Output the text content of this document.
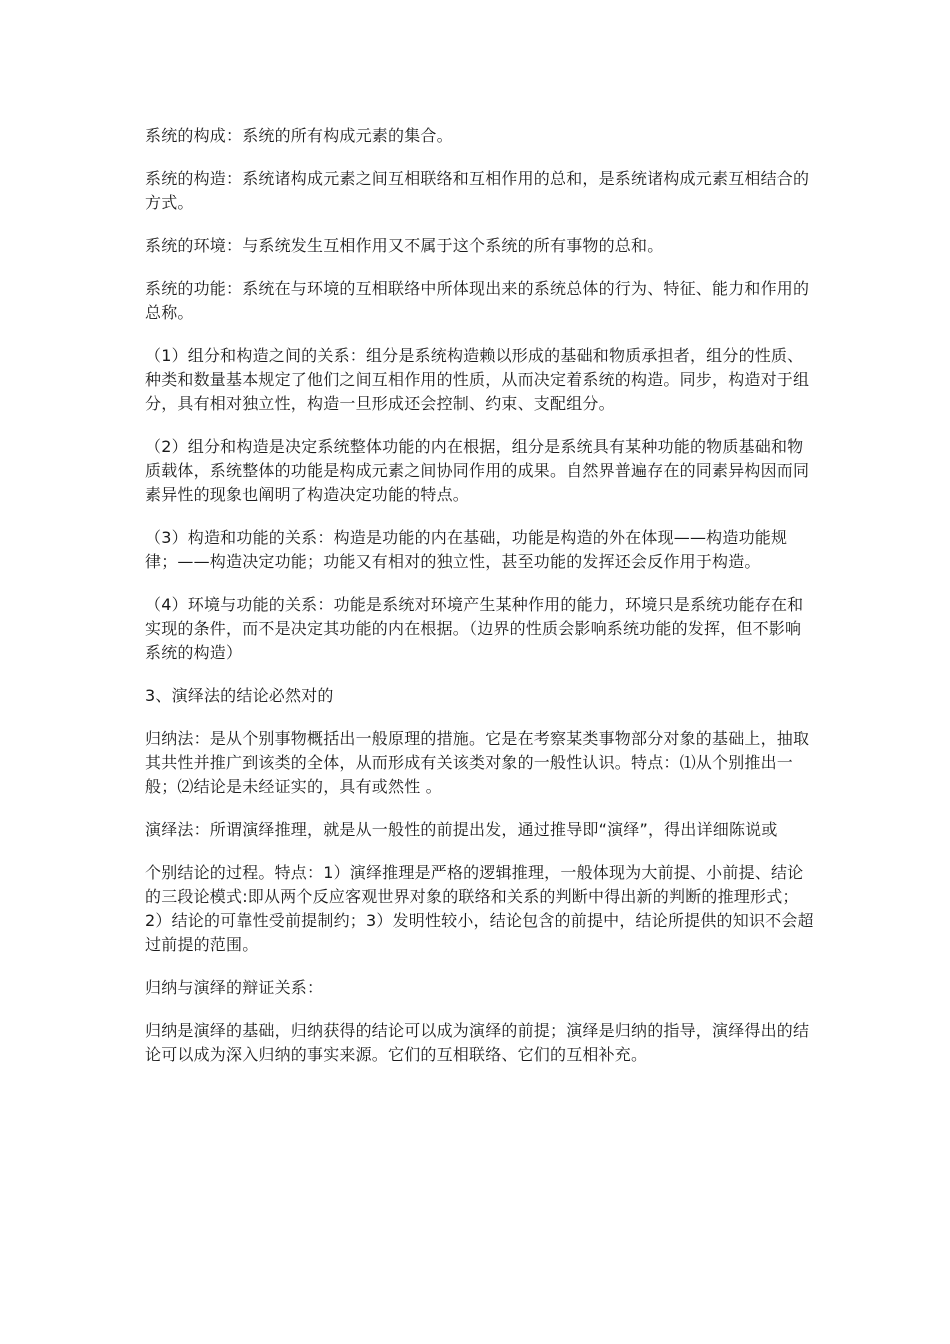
系统的构成：系统的所有构成元素的集合。

系统的构造：系统诸构成元素之间互相联络和互相作用的总和，是系统诸构成元素互相结合的方式。

系统的环境：与系统发生互相作用又不属于这个系统的所有事物的总和。

系统的功能：系统在与环境的互相联络中所体现出来的系统总体的行为、特征、能力和作用的总称。

（1）组分和构造之间的关系：组分是系统构造赖以形成的基础和物质承担者，组分的性质、种类和数量基本规定了他们之间互相作用的性质，从而决定着系统的构造。同步，构造对于组分，具有相对独立性，构造一旦形成还会控制、约束、支配组分。

（2）组分和构造是决定系统整体功能的内在根据，组分是系统具有某种功能的物质基础和物质载体，系统整体的功能是构成元素之间协同作用的成果。自然界普遍存在的同素异构因而同素异性的现象也阐明了构造决定功能的特点。

（3）构造和功能的关系：构造是功能的内在基础，功能是构造的外在体现——构造功能规律；——构造决定功能；功能又有相对的独立性，甚至功能的发挥还会反作用于构造。

（4）环境与功能的关系：功能是系统对环境产生某种作用的能力，环境只是系统功能存在和实现的条件，而不是决定其功能的内在根据。（边界的性质会影响系统功能的发挥，但不影响系统的构造）

3、演绎法的结论必然对的

归纳法：是从个别事物概括出一般原理的措施。它是在考察某类事物部分对象的基础上，抽取其共性并推广到该类的全体，从而形成有关该类对象的一般性认识。特点：⑴从个别推出一般；⑵结论是未经证实的，具有或然性 。

演绎法：所谓演绎推理，就是从一般性的前提出发，通过推导即“演绎”，得出详细陈说或

个别结论的过程。特点：1）演绎推理是严格的逻辑推理，一般体现为大前提、小前提、结论的三段论模式:即从两个反应客观世界对象的联络和关系的判断中得出新的判断的推理形式；2）结论的可靠性受前提制约；3）发明性较小，结论包含的前提中，结论所提供的知识不会超过前提的范围。

归纳与演绎的辩证关系：

归纳是演绎的基础，归纳获得的结论可以成为演绎的前提；演绎是归纳的指导，演绎得出的结论可以成为深入归纳的事实来源。它们的互相联络、它们的互相补充。
